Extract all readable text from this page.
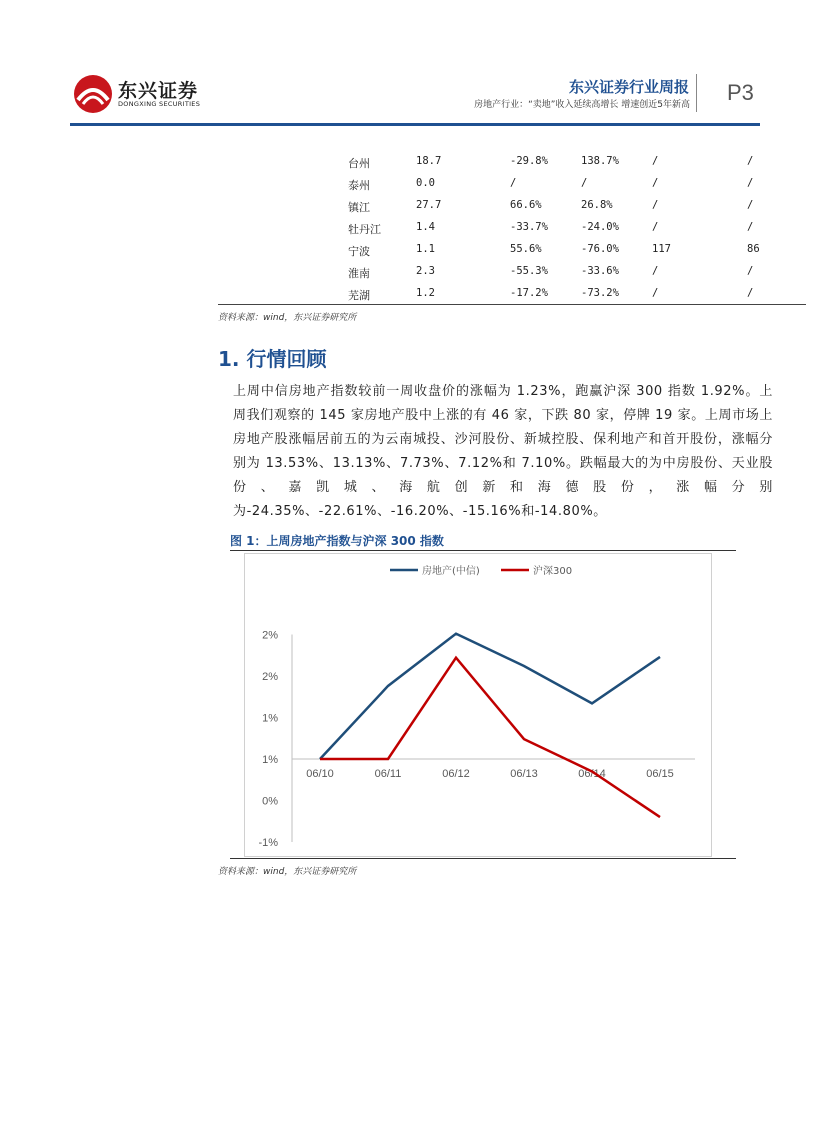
东兴证券
DONGXING SECURITIES
东兴证券行业周报
房地产行业：“卖地”收入延续高增长 增速创近5年新高 P3
台州	18.7	-29.8%	138.7%	/	/
泰州	0.0	/	/	/	/
镇江	27.7	66.6%	26.8%	/	/
牡丹江	1.4	-33.7%	-24.0%	/	/
宁波	1.1	55.6%	-76.0%	117	86
淮南	2.3	-55.3%	-33.6%	/	/
芜湖	1.2	-17.2%	-73.2%	/	/
资料来源：wind，东兴证券研究所
1. 行情回顾
上周中信房地产指数较前一周收盘价的涨幅为 1.23%，跑赢沪深 300 指数 1.92%。上周我们观察的 145 家房地产股中上涨的有 46 家，下跌 80 家，停牌 19 家。上周市场上房地产股涨幅居前五的为云南城投、沙河股份、新城控股、保利地产和首开股份，涨幅分别为 13.53%、13.13%、7.73%、7.12%和 7.10%。跌幅最大的为中房股份、天业股份、嘉凯城、海航创新和海德股份，涨幅分别为-24.35%、-22.61%、-16.20%、-15.16%和-14.80%。
图 1：上周房地产指数与沪深 300 指数
2%
2%
1%
1%
0%
-1%
06/10	06/11	06/12	06/13	06/14	06/15
房地产(中信)	沪深300
资料来源：wind，东兴证券研究所
